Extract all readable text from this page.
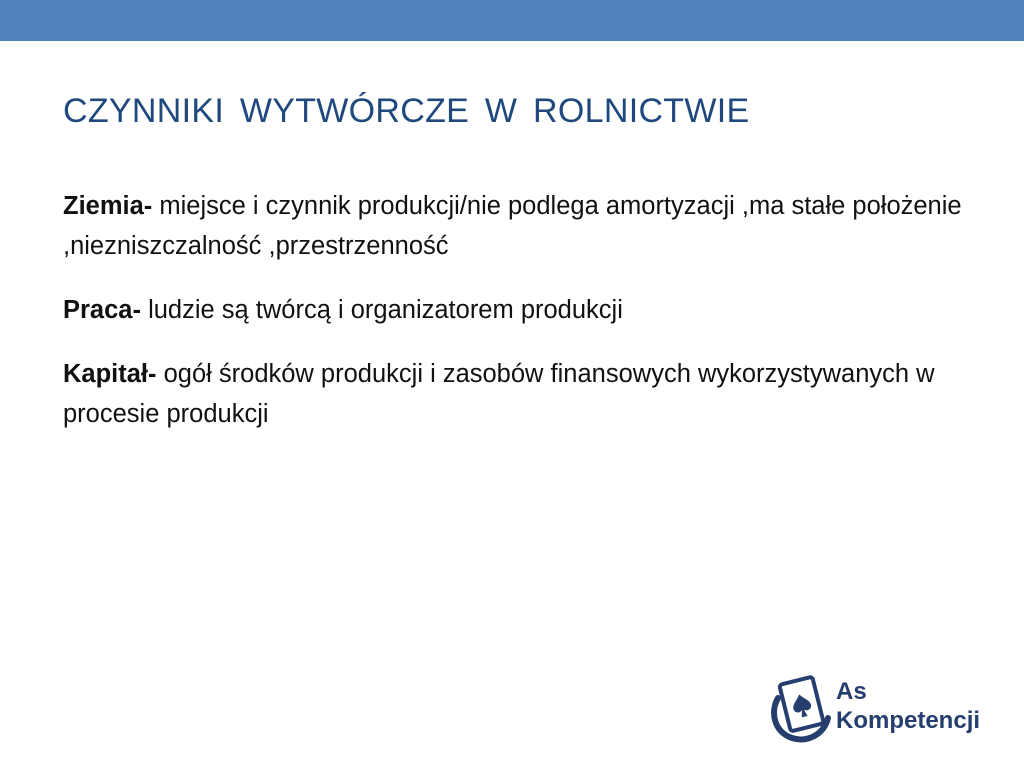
CZYNNIKI WYTWÓRCZE W ROLNICTWIE

Ziemia- miejsce i czynnik produkcji/nie podlega amortyzacji ,ma stałe położenie ,niezniszczalność ,przestrzenność

Praca- ludzie są twórcą i organizatorem produkcji

Kapitał- ogół środków produkcji i zasobów finansowych wykorzystywanych w procesie produkcji

As
Kompetencji
